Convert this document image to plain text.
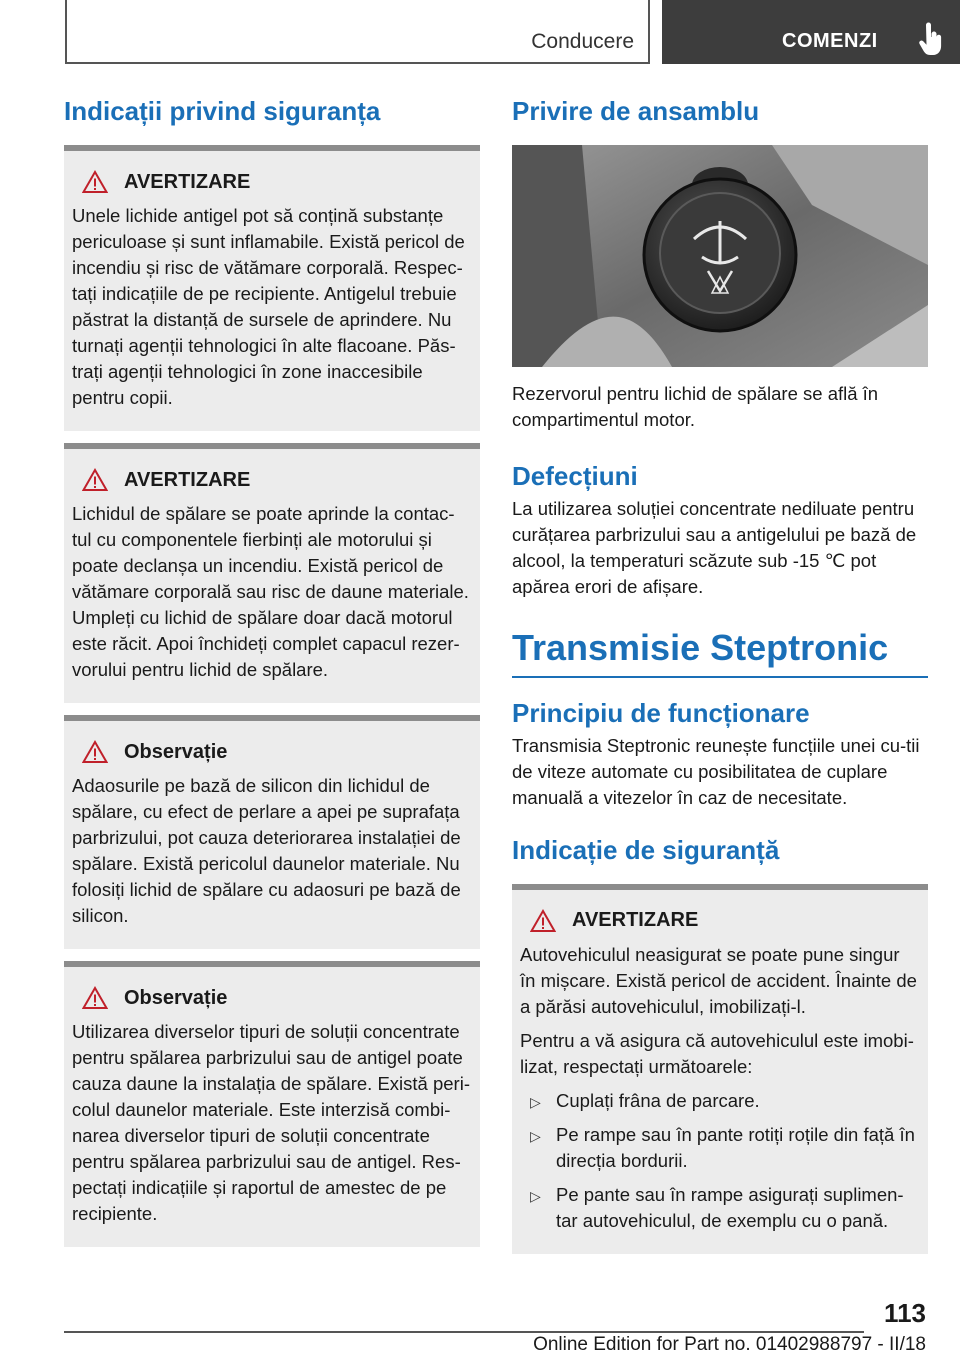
Conducere	COMENZI
Indicații privind siguranța
AVERTIZARE

Unele lichide antigel pot să conțină substanțe periculoase și sunt inflamabile. Există pericol de incendiu și risc de vătămare corporală. Respec‐tați indicațiile de pe recipiente. Antigelul trebuie păstrat la distanță de sursele de aprindere. Nu turnați agenții tehnologici în alte flacoane. Păs‐trați agenții tehnologici în zone inaccesibile pentru copii.

AVERTIZARE

Lichidul de spălare se poate aprinde la contac‐tul cu componentele fierbinți ale motorului și poate declanșa un incendiu. Există pericol de vătămare corporală sau risc de daune materiale. Umpleți cu lichid de spălare doar dacă motorul este răcit. Apoi închideți complet capacul rezer‐vorului pentru lichid de spălare.

Observație

Adaosurile pe bază de silicon din lichidul de spălare, cu efect de perlare a apei pe suprafața parbrizului, pot cauza deteriorarea instalației de spălare. Există pericolul daunelor materiale. Nu folosiți lichid de spălare cu adaosuri pe bază de silicon.

Observație

Utilizarea diverselor tipuri de soluții concentrate pentru spălarea parbrizului sau de antigel poate cauza daune la instalația de spălare. Există peri‐colul daunelor materiale. Este interzisă combi‐narea diverselor tipuri de soluții concentrate pentru spălarea parbrizului sau de antigel. Res‐pectați indicațiile și raportul de amestec de pe recipiente.

Privire de ansamblu

Rezervorul pentru lichid de spălare se află în compartimentul motor.

Defecțiuni

La utilizarea soluției concentrate nediluate pentru curățarea parbrizului sau a antigelului pe bază de alcool, la temperaturi scăzute sub -15 ℃ pot apărea erori de afișare.

Transmisie Steptronic
Principiu de funcționare

Transmisia Steptronic reunește funcțiile unei cu‐tii de viteze automate cu posibilitatea de cuplare manuală a vitezelor în caz de necesitate.

Indicație de siguranță
AVERTIZARE

Autovehiculul neasigurat se poate pune singur în mișcare. Există pericol de accident. Înainte de a părăsi autovehiculul, imobilizați-l.

Pentru a vă asigura că autovehiculul este imobi‐lizat, respectați următoarele:

▷ Cuplați frâna de parcare.
▷ Pe rampe sau în pante rotiți roțile din față în direcția bordurii.
▷ Pe pante sau în rampe asigurați suplimen‐tar autovehiculul, de exemplu cu o pană.
113
Online Edition for Part no. 01402988797 - II/18
